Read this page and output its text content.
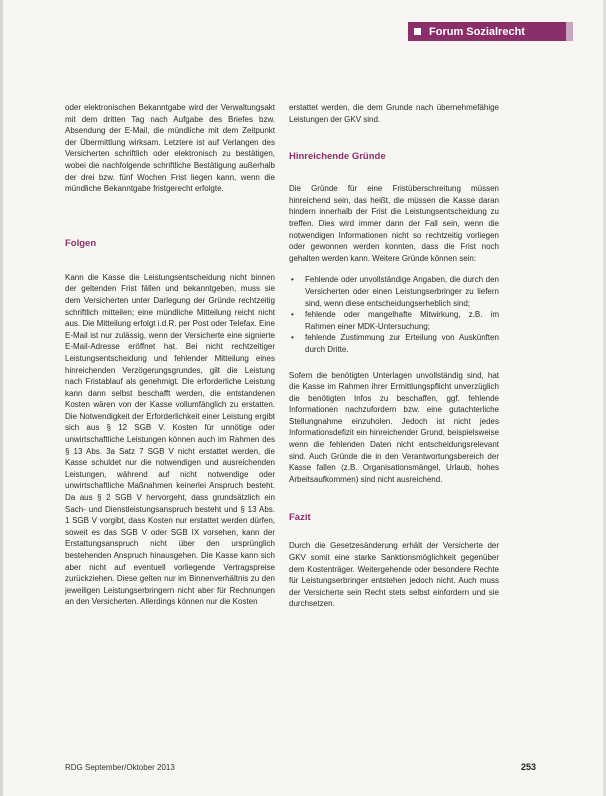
Forum Sozialrecht

oder elektronischen Bekanntgabe wird der Verwaltungsakt mit dem dritten Tag nach Aufgabe des Briefes bzw. Absendung der E-Mail, die mündliche mit dem Zeitpunkt der Übermittlung wirksam. Letztere ist auf Verlangen des Versicherten schriftlich oder elektronisch zu bestätigen, wobei die nachfolgende schriftliche Bestätigung außerhalb der drei bzw. fünf Wochen Frist liegen kann, wenn die mündliche Bekanntgabe fristgerecht erfolgte.

Folgen

Kann die Kasse die Leistungsentscheidung nicht binnen der geltenden Frist fällen und bekanntgeben, muss sie dem Versicherten unter Darlegung der Gründe rechtzeitig schriftlich mitteilen; eine mündliche Mitteilung reicht nicht aus. Die Mitteilung erfolgt i.d.R. per Post oder Telefax. Eine E-Mail ist nur zulässig, wenn der Versicherte eine signierte E-Mail-Adresse eröffnet hat. Bei nicht rechtzeitiger Leistungsentscheidung und fehlender Mitteilung eines hinreichenden Verzögerungsgrundes, gilt die Leistung nach Fristablauf als genehmigt. Die erforderliche Leistung kann dann selbst beschafft werden, die entstandenen Kosten wären von der Kasse vollumfänglich zu erstatten. Die Notwendigkeit der Erforderlichkeit einer Leistung ergibt sich aus § 12 SGB V. Kosten für unnötige oder unwirtschaftliche Leistungen können auch im Rahmen des § 13 Abs. 3a Satz 7 SGB V nicht erstattet werden, die Kasse schuldet nur die notwendigen und ausreichenden Leistungen, während auf nicht notwendige oder unwirtschaftliche Maßnahmen keinerlei Anspruch besteht. Da aus § 2 SGB V hervorgeht, dass grundsätzlich ein Sach- und Dienstleistungsanspruch besteht und § 13 Abs. 1 SGB V vorgibt, dass Kosten nur erstattet werden dürfen, soweit es das SGB V oder SGB IX vorsehen, kann der Erstattungsanspruch nicht über den ursprünglich bestehenden Anspruch hinausgehen. Die Kasse kann sich aber nicht auf eventuell vorliegende Vertragspreise zurückziehen. Diese gelten nur im Binnenverhältnis zu den jeweiligen Leistungserbringern nicht aber für Rechnungen an den Versicherten. Allerdings können nur die Kosten

erstattet werden, die dem Grunde nach übernehmefähige Leistungen der GKV sind.

Hinreichende Gründe

Die Gründe für eine Fristüberschreitung müssen hinreichend sein, das heißt, die müssen die Kasse daran hindern innerhalb der Frist die Leistungsentscheidung zu treffen. Dies wird immer dann der Fall sein, wenn die notwendigen Informationen nicht so rechtzeitig vorliegen oder gewonnen werden konnten, dass die Frist noch gehalten werden kann. Weitere Gründe können sein:

• Fehlende oder unvollständige Angaben, die durch den Versicherten oder einen Leistungserbringer zu liefern sind, wenn diese entscheidungserheblich sind;
• fehlende oder mangelhafte Mitwirkung, z.B. im Rahmen einer MDK-Untersuchung;
• fehlende Zustimmung zur Erteilung von Auskünften durch Dritte.

Sofern die benötigten Unterlagen unvollständig sind, hat die Kasse im Rahmen ihrer Ermittlungspflicht unverzüglich die benötigten Infos zu beschaffen, ggf. fehlende Informationen nachzufordern bzw. eine gutachterliche Stellungnahme einzuholen. Jedoch ist nicht jedes Informationsdefizit ein hinreichender Grund, beispielsweise wenn die fehlenden Daten nicht entscheidungsrelevant sind. Auch Gründe die in den Verantwortungsbereich der Kasse fallen (z.B. Organisationsmängel, Urlaub, hohes Arbeitsaufkommen) sind nicht ausreichend.

Fazit

Durch die Gesetzesänderung erhält der Versicherte der GKV somit eine starke Sanktionsmöglichkeit gegenüber dem Kostenträger. Weitergehende oder besondere Rechte für Leistungserbringer entstehen jedoch nicht. Auch muss der Versicherte sein Recht stets selbst einfordern und sie durchsetzen.

RDG September/Oktober 2013	253
